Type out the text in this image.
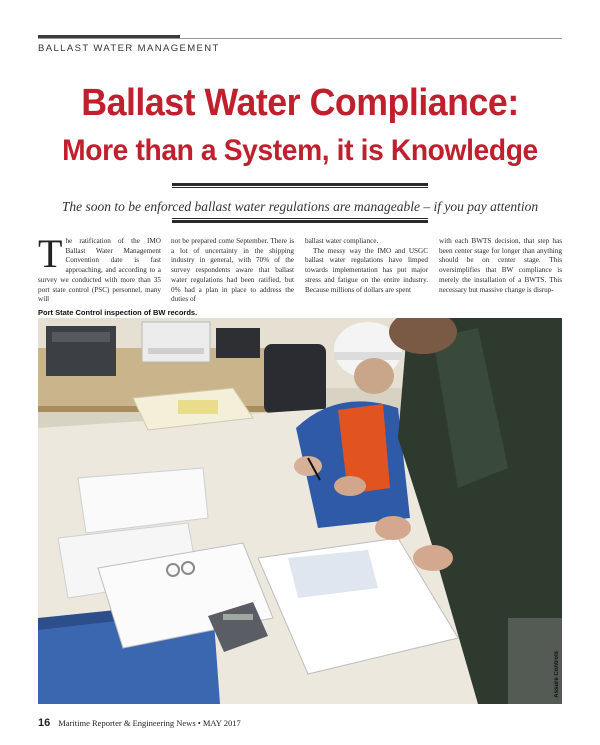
BALLAST WATER MANAGEMENT
Ballast Water Compliance:
More than a System, it is Knowledge
The soon to be enforced ballast water regulations are manageable – if you pay attention
T he ratification of the IMO Ballast Water Management Convention date is fast approaching, and according to a survey we conducted with more than 35 port state control (PSC) personnel, many will

not be prepared come September. There is a lot of uncertainty in the shipping industry in general, with 70% of the survey respondents aware that ballast water regulations had been ratified, but 0% had a plan in place to address the duties of

ballast water compliance.

The messy way the IMO and USGC ballast water regulations have limped towards implementation has put major stress and fatigue on the entire industry. Because millions of dollars are spent

with each BWTS decision, that step has been center stage for longer than anything should be on center stage. This oversimplifies that BW compliance is merely the installation of a BWTS. This necessary but massive change is disrup-

Port State Control inspection of BW records.
Assure Controls
16 Maritime Reporter & Engineering News • MAY 2017
